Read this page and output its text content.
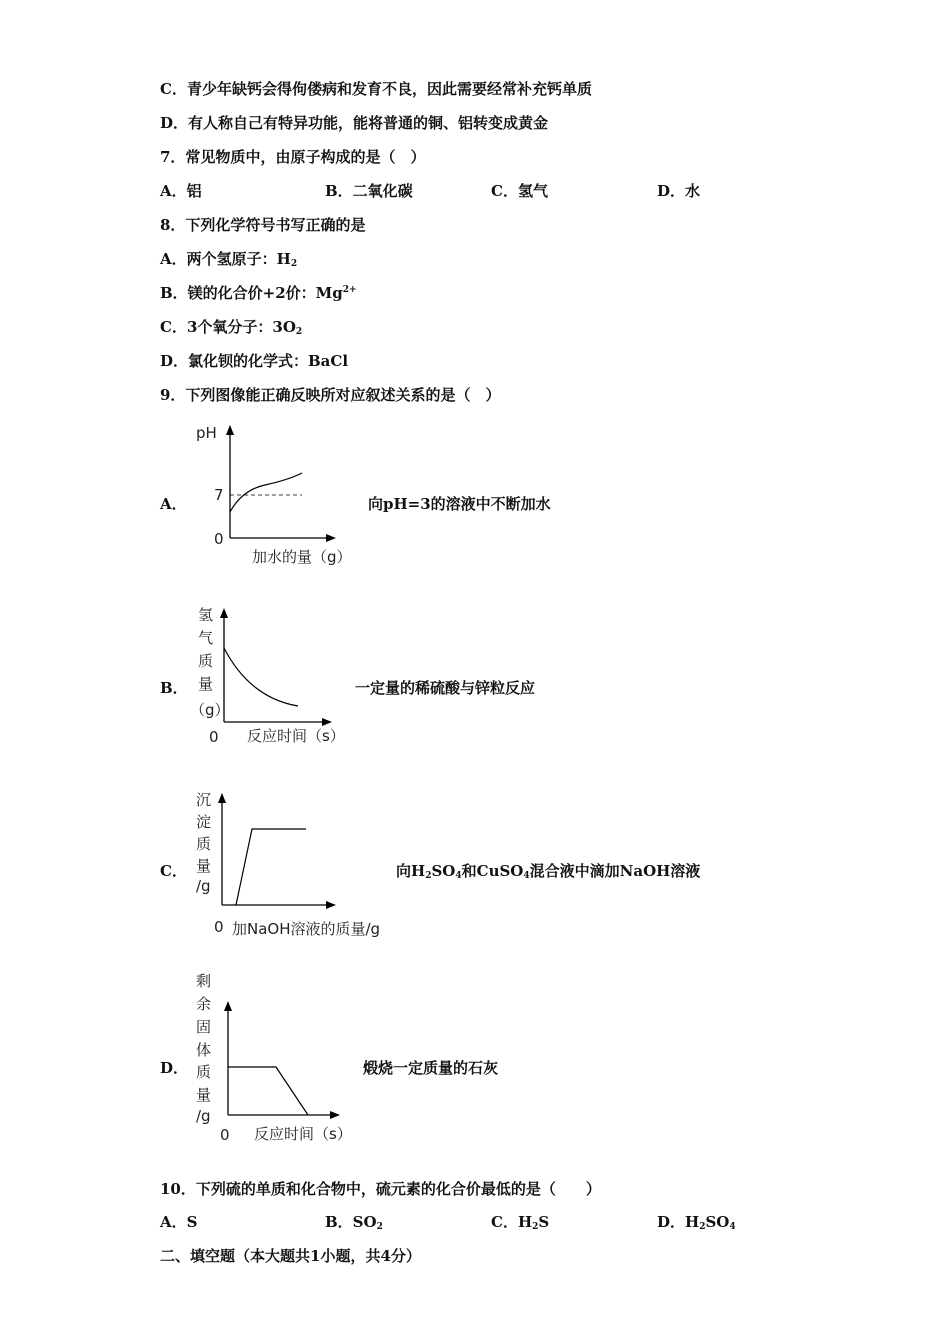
C．青少年缺钙会得佝偻病和发育不良，因此需要经常补充钙单质
D．有人称自己有特异功能，能将普通的铜、铝转变成黄金
7．常见物质中，由原子构成的是（　）
A．铝	B．二氧化碳	C．氢气	D．水
8．下列化学符号书写正确的是
A．两个氢原子：$H_2$
B．镁的化合价+2价：$Mg^{2+}$
C．3个氧分子：$3O_2$
D．氯化钡的化学式：BaCl
9．下列图像能正确反映所对应叙述关系的是（　）
A．
pH
7
0
加水的量（g）
向pH=3的溶液中不断加水
B．
氢
气
质
量
（g）
0 反应时间（s）
一定量的稀硫酸与锌粒反应
C．
沉
淀
质
量
/g
0 加NaOH溶液的质量/g
向$H_2SO_4$和CuSO$_4$混合液中滴加NaOH溶液
D．
剩
余
固
体
质
量
/g
0 反应时间（s）
煅烧一定质量的石灰
10．下列硫的单质和化合物中，硫元素的化合价最低的是（　　）
A．S	B．$SO_2$	C．$H_2S$	D．$H_2SO_4$
二、填空题（本大题共1小题，共4分）
